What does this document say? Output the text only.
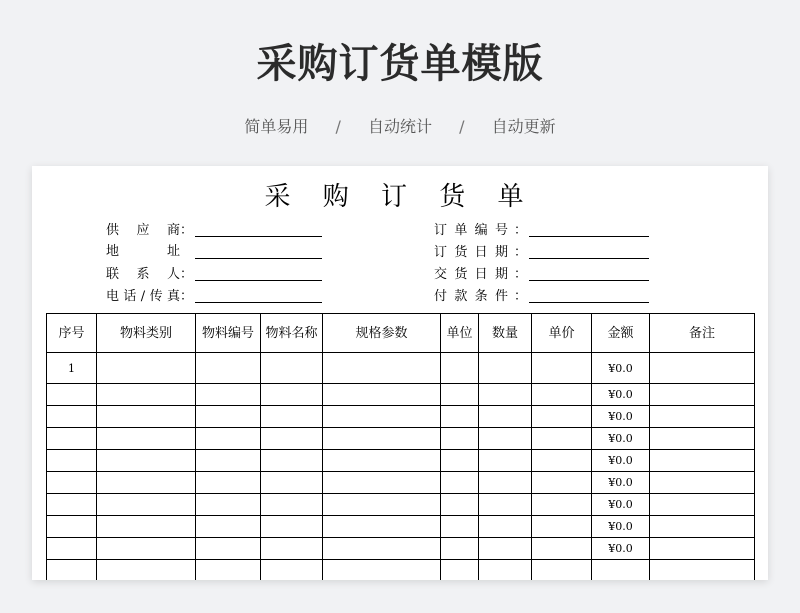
采购订货单模版
简单易用 / 自动统计 / 自动更新
采 购 订 货 单
供 应 商 ：
地 址
联 系 人 ：
电话/传真 ：
订 单 编 号 ：
订 货 日 期 ：
交 货 日 期 ：
付 款 条 件 ：
序号	物料类别	物料编号	物料名称	规格参数	单位	数量	单价	金额	备注
1								¥0.0	
								¥0.0	
								¥0.0	
								¥0.0	
								¥0.0	
								¥0.0	
								¥0.0	
								¥0.0	
								¥0.0	
